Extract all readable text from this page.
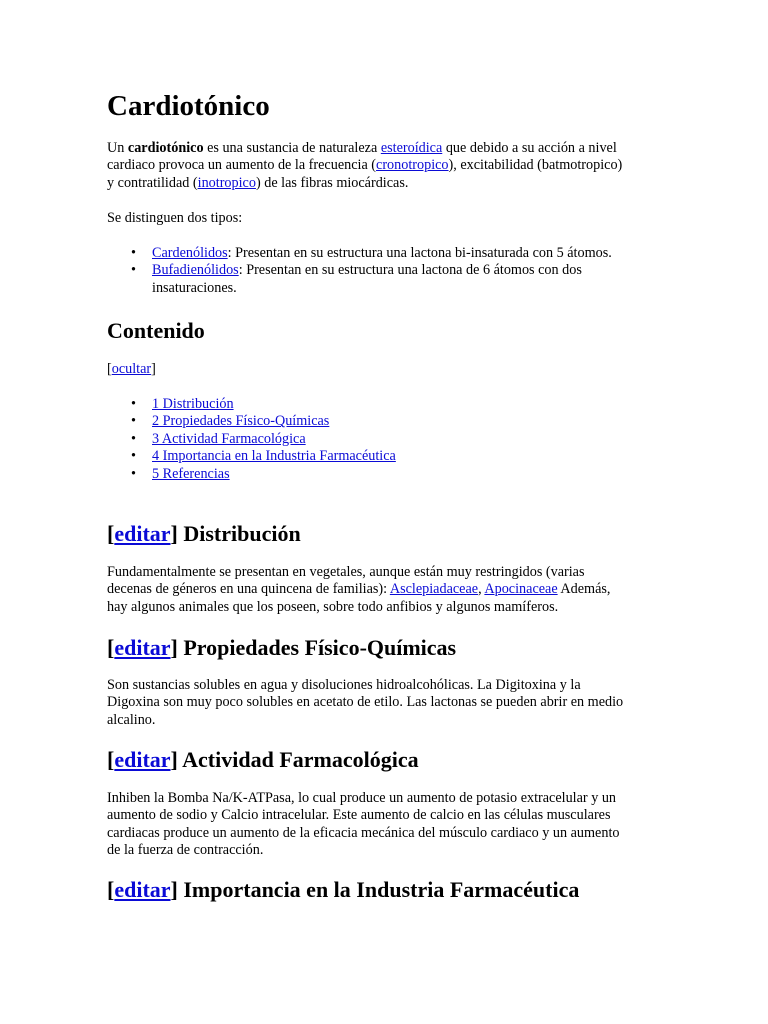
Cardiotónico
Un cardiotónico es una sustancia de naturaleza esteroídica que debido a su acción a nivel
cardiaco provoca un aumento de la frecuencia (cronotropico), excitabilidad (batmotropico)
y contratilidad (inotropico) de las fibras miocárdicas.
Se distinguen dos tipos:
• Cardenólidos: Presentan en su estructura una lactona bi-insaturada con 5 átomos.
• Bufadienólidos: Presentan en su estructura una lactona de 6 átomos con dos
insaturaciones.
Contenido
[ocultar]
• 1 Distribución
• 2 Propiedades Físico-Químicas
• 3 Actividad Farmacológica
• 4 Importancia en la Industria Farmacéutica
• 5 Referencias
[editar] Distribución
Fundamentalmente se presentan en vegetales, aunque están muy restringidos (varias
decenas de géneros en una quincena de familias): Asclepiadaceae, Apocinaceae Además,
hay algunos animales que los poseen, sobre todo anfibios y algunos mamíferos.
[editar] Propiedades Físico-Químicas
Son sustancias solubles en agua y disoluciones hidroalcohólicas. La Digitoxina y la
Digoxina son muy poco solubles en acetato de etilo. Las lactonas se pueden abrir en medio
alcalino.
[editar] Actividad Farmacológica
Inhiben la Bomba Na/K-ATPasa, lo cual produce un aumento de potasio extracelular y un
aumento de sodio y Calcio intracelular. Este aumento de calcio en las células musculares
cardiacas produce un aumento de la eficacia mecánica del músculo cardiaco y un aumento
de la fuerza de contracción.
[editar] Importancia en la Industria Farmacéutica
